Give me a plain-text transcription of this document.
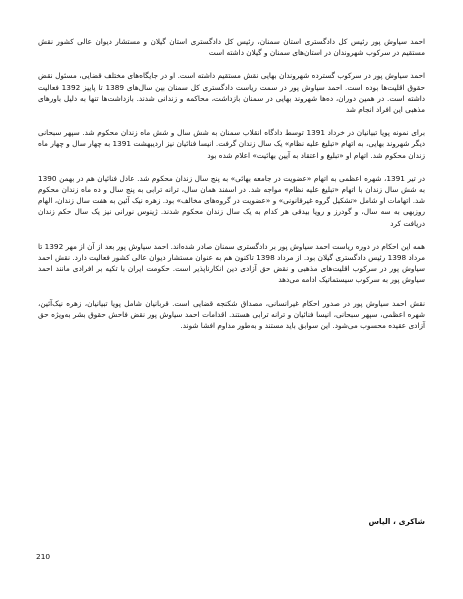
احمد سیاوش پور رئیس کل دادگستری استان سمنان، رئیس کل دادگستری استان گیلان و مستشار دیوان عالی کشور نقش مستقیم در سرکوب شهروندان در استان‌های سمنان و گیلان داشته است

احمد سیاوش پور در سرکوب گسترده شهروندان بهایی نقش مستقیم داشته است. او در جایگاه‌های مختلف قضایی، مسئول نقض حقوق اقلیت‌ها بوده است. احمد سیاوش پور در سمت ریاست دادگستری کل سمنان بین سال‌های 1389 تا پاییز 1392 فعالیت داشته است. در همین دوران، ده‌ها شهروند بهایی در سمنان بازداشت، محاکمه و زندانی شدند. بازداشت‌ها تنها به دلیل باورهای مذهبی این افراد انجام شد

برای نمونه پویا تبیانیان در خرداد 1391 توسط دادگاه انقلاب سمنان به شش سال و شش ماه زندان محکوم شد. سپهر سبحانی دیگر شهروند بهایی، به اتهام «تبلیغ علیه نظام» یک سال زندان گرفت. انیسا فنائیان نیز اردیبهشت 1391 به چهار سال و چهار ماه زندان محکوم شد. اتهام او «تبلیغ و اعتقاد به آیین بهائیت» اعلام شده بود

در تیر 1391، شهره اعظمی به اتهام «عضویت در جامعه بهائی» به پنج سال زندان محکوم شد. عادل فنائیان هم در بهمن 1390 به شش سال زندان با اتهام «تبلیغ علیه نظام» مواجه شد. در اسفند همان سال، ترانه ترابی به پنج سال و ده ماه زندان محکوم شد. اتهامات او شامل «تشکیل گروه غیرقانونی» و «عضویت در گروه‌های مخالف» بود. زهره نیک آئین به هفت سال زندان، الهام روزبهی به سه سال، و گودرز و رویا بیدقی هر کدام به یک سال زندان محکوم شدند. ژینوس نورانی نیز یک سال حکم زندان دریافت کرد

همه این احکام در دوره ریاست احمد سیاوش پور بر دادگستری سمنان صادر شده‌اند. احمد سیاوش پور بعد از آن از مهر 1392 تا مرداد 1398 رئیس دادگستری گیلان بود. از مرداد 1398 تاکنون هم به عنوان مستشار دیوان عالی کشور فعالیت دارد. نقش احمد سیاوش پور در سرکوب اقلیت‌های مذهبی و نقض حق آزادی دین انکارناپذیر است. حکومت ایران با تکیه بر افرادی مانند احمد سیاوش پور به سرکوب سیستماتیک ادامه می‌دهد

نقش احمد سیاوش پور در صدور احکام غیرانسانی، مصداق شکنجه قضایی است. قربانیان شامل پویا تبیانیان، زهره نیک‌آئین، شهره اعظمی، سپهر سبحانی، انیسا فنائیان و ترانه ترابی هستند. اقدامات احمد سیاوش پور نقض فاحش حقوق بشر به‌ویژه حق آزادی عقیده محسوب می‌شود. این سوابق باید مستند و به‌طور مداوم افشا شوند.

شاکری ، الیاس
210
